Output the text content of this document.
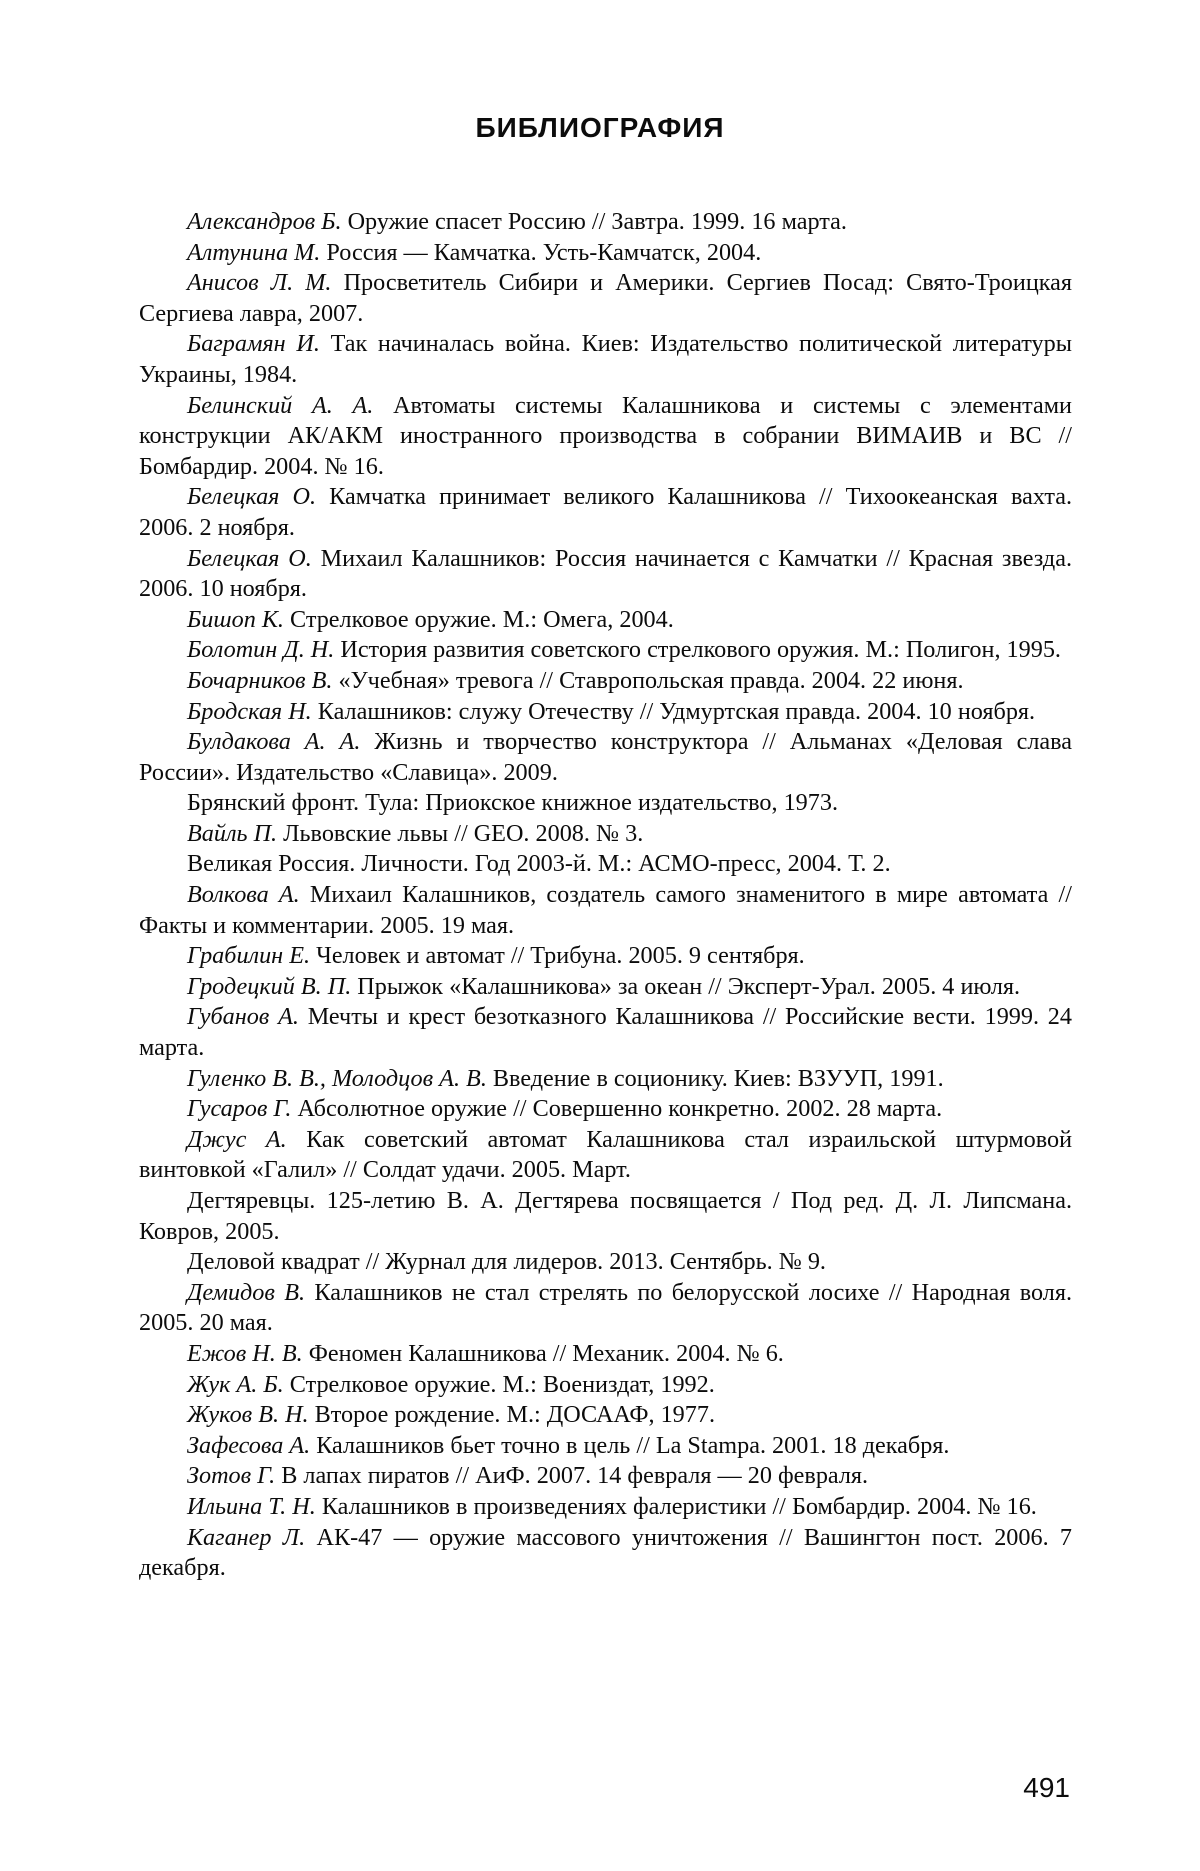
БИБЛИОГРАФИЯ

Александров Б. Оружие спасет Россию // Завтра. 1999. 16 марта.

Алтунина М. Россия — Камчатка. Усть-Камчатск, 2004.

Анисов Л. М. Просветитель Сибири и Америки. Сергиев Посад: Свято-Троицкая Сергиева лавра, 2007.

Баграмян И. Так начиналась война. Киев: Издательство политической литературы Украины, 1984.

Белинский А. А. Автоматы системы Калашникова и системы с элементами конструкции АК/АКМ иностранного производства в собрании ВИМАИВ и ВС // Бомбардир. 2004. № 16.

Белецкая О. Камчатка принимает великого Калашникова // Тихоокеанская вахта. 2006. 2 ноября.

Белецкая О. Михаил Калашников: Россия начинается с Камчатки // Красная звезда. 2006. 10 ноября.

Бишоп К. Стрелковое оружие. М.: Омега, 2004.

Болотин Д. Н. История развития советского стрелкового оружия. М.: Полигон, 1995.

Бочарников В. «Учебная» тревога // Ставропольская правда. 2004. 22 июня.

Бродская Н. Калашников: служу Отечеству // Удмуртская правда. 2004. 10 ноября.

Булдакова А. А. Жизнь и творчество конструктора // Альманах «Деловая слава России». Издательство «Славица». 2009.

Брянский фронт. Тула: Приокское книжное издательство, 1973.

Вайль П. Львовские львы // GEO. 2008. № 3.

Великая Россия. Личности. Год 2003-й. М.: АСМО-пресс, 2004. Т. 2.

Волкова А. Михаил Калашников, создатель самого знаменитого в мире автомата // Факты и комментарии. 2005. 19 мая.

Грабилин Е. Человек и автомат // Трибуна. 2005. 9 сентября.

Гродецкий В. П. Прыжок «Калашникова» за океан // Эксперт-Урал. 2005. 4 июля.

Губанов А. Мечты и крест безотказного Калашникова // Российские вести. 1999. 24 марта.

Гуленко В. В., Молодцов А. В. Введение в соционику. Киев: ВЗУУП, 1991.

Гусаров Г. Абсолютное оружие // Совершенно конкретно. 2002. 28 марта.

Джус А. Как советский автомат Калашникова стал израильской штурмовой винтовкой «Галил» // Солдат удачи. 2005. Март.

Дегтяревцы. 125-летию В. А. Дегтярева посвящается / Под ред. Д. Л. Липсмана. Ковров, 2005.

Деловой квадрат // Журнал для лидеров. 2013. Сентябрь. № 9.

Демидов В. Калашников не стал стрелять по белорусской лосихе // Народная воля. 2005. 20 мая.

Ежов Н. В. Феномен Калашникова // Механик. 2004. № 6.

Жук А. Б. Стрелковое оружие. М.: Воениздат, 1992.

Жуков В. Н. Второе рождение. М.: ДОСААФ, 1977.

Зафесова А. Калашников бьет точно в цель // La Stampa. 2001. 18 декабря.

Зотов Г. В лапах пиратов // АиФ. 2007. 14 февраля — 20 февраля.

Ильина Т. Н. Калашников в произведениях фалеристики // Бомбардир. 2004. № 16.

Каганер Л. АК-47 — оружие массового уничтожения // Вашингтон пост. 2006. 7 декабря.

491
